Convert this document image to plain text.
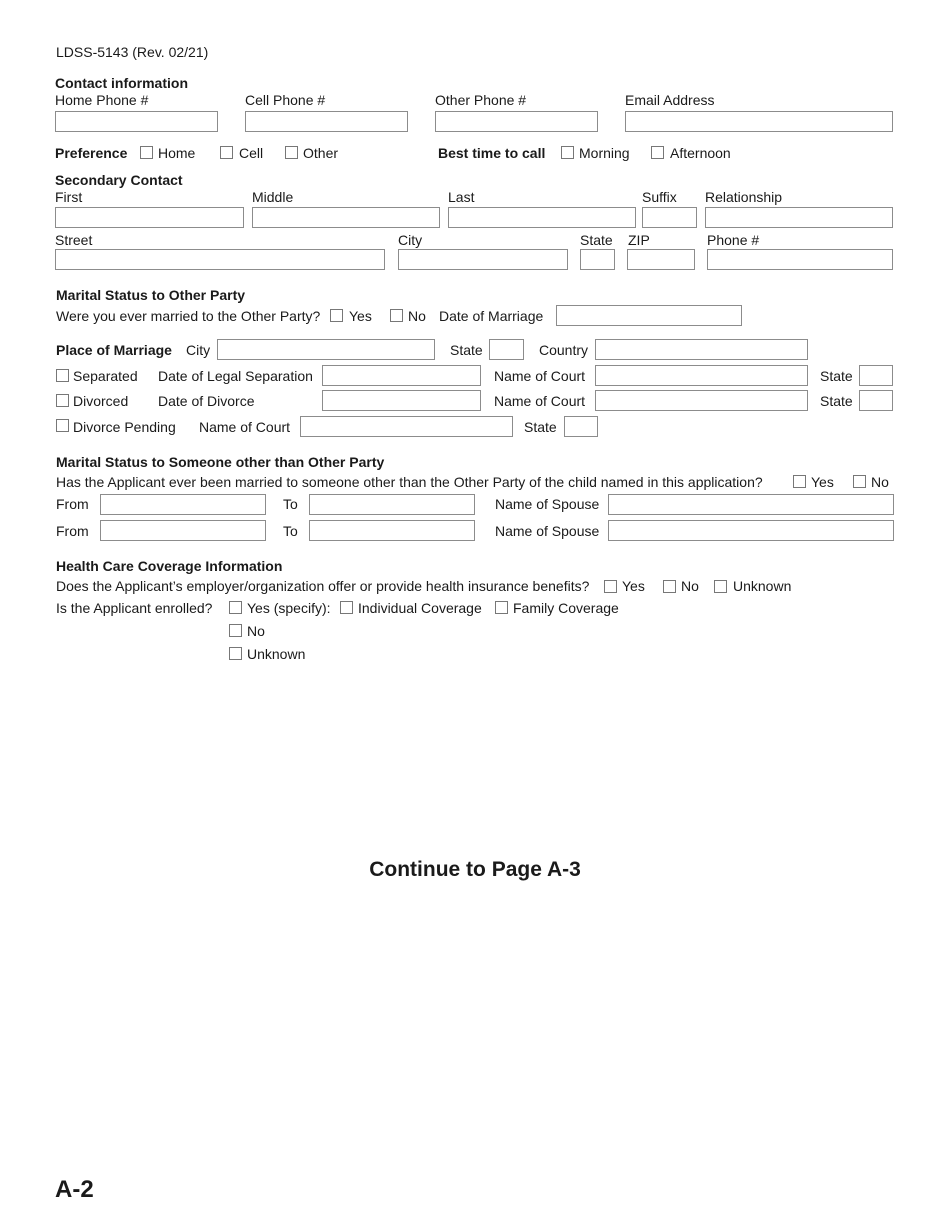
LDSS-5143 (Rev. 02/21)
Contact information
Home Phone #	Cell Phone #	Other Phone #	Email Address
Preference Home	Cell	Other	Best time to call Morning	Afternoon
Secondary Contact
First	Middle	Last	Suffix Relationship
Street	City	State ZIP	Phone #
Marital Status to Other Party
Were you ever married to the Other Party? Yes	No Date of Marriage
Place of Marriage City	State	Country
Separated Date of Legal Separation	Name of Court	State
Divorced Date of Divorce	Name of Court	State
Divorce Pending Name of Court	State
Marital Status to Someone other than Other Party
Has the Applicant ever been married to someone other than the Other Party of the child named in this application?	Yes	No
From	To	Name of Spouse
From	To	Name of Spouse
Health Care Coverage Information
Does the Applicant’s employer/organization offer or provide health insurance benefits? Yes	No Unknown
Is the Applicant enrolled? Yes (specify): Individual Coverage Family Coverage
No
Unknown
Continue to Page A-3
A-2
